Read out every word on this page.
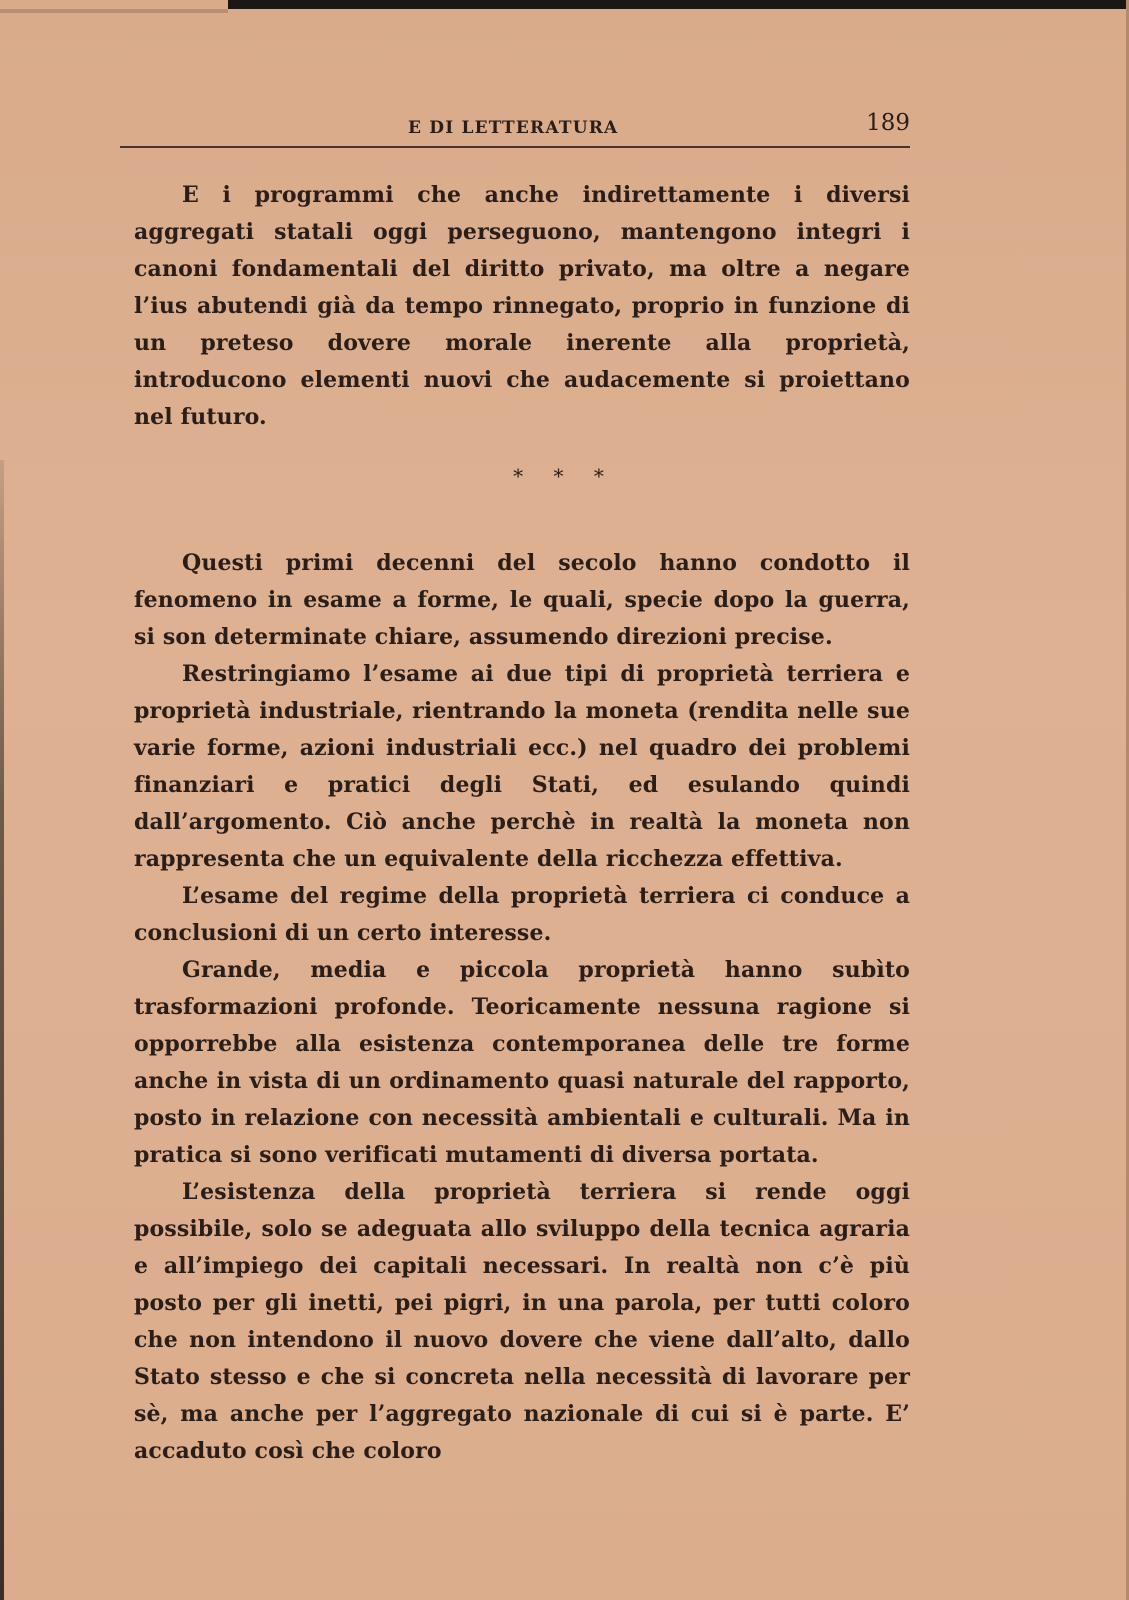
E DI LETTERATURA	189

E i programmi che anche indirettamente i diversi aggregati statali oggi perseguono, mantengono integri i canoni fondamentali del diritto privato, ma oltre a negare l’ius abutendi già da tempo rinnegato, proprio in funzione di un preteso dovere morale inerente alla proprietà, introducono elementi nuovi che audacemente si proiettano nel futuro.

* * *

Questi primi decenni del secolo hanno condotto il fenomeno in esame a forme, le quali, specie dopo la guerra, si son determinate chiare, assumendo direzioni precise.

Restringiamo l’esame ai due tipi di proprietà terriera e proprietà industriale, rientrando la moneta (rendita nelle sue varie forme, azioni industriali ecc.) nel quadro dei problemi finanziari e pratici degli Stati, ed esulando quindi dall’argomento. Ciò anche perchè in realtà la moneta non rappresenta che un equivalente della ricchezza effettiva.

L’esame del regime della proprietà terriera ci conduce a conclusioni di un certo interesse.

Grande, media e piccola proprietà hanno subìto trasformazioni profonde. Teoricamente nessuna ragione si opporrebbe alla esistenza contemporanea delle tre forme anche in vista di un ordinamento quasi naturale del rapporto, posto in relazione con necessità ambientali e culturali. Ma in pratica si sono verificati mutamenti di diversa portata.

L’esistenza della proprietà terriera si rende oggi possibile, solo se adeguata allo sviluppo della tecnica agraria e all’impiego dei capitali necessari. In realtà non c’è più posto per gli inetti, pei pigri, in una parola, per tutti coloro che non intendono il nuovo dovere che viene dall’alto, dallo Stato stesso e che si concreta nella necessità di lavorare per sè, ma anche per l’aggregato nazionale di cui si è parte. E’ accaduto così che coloro
